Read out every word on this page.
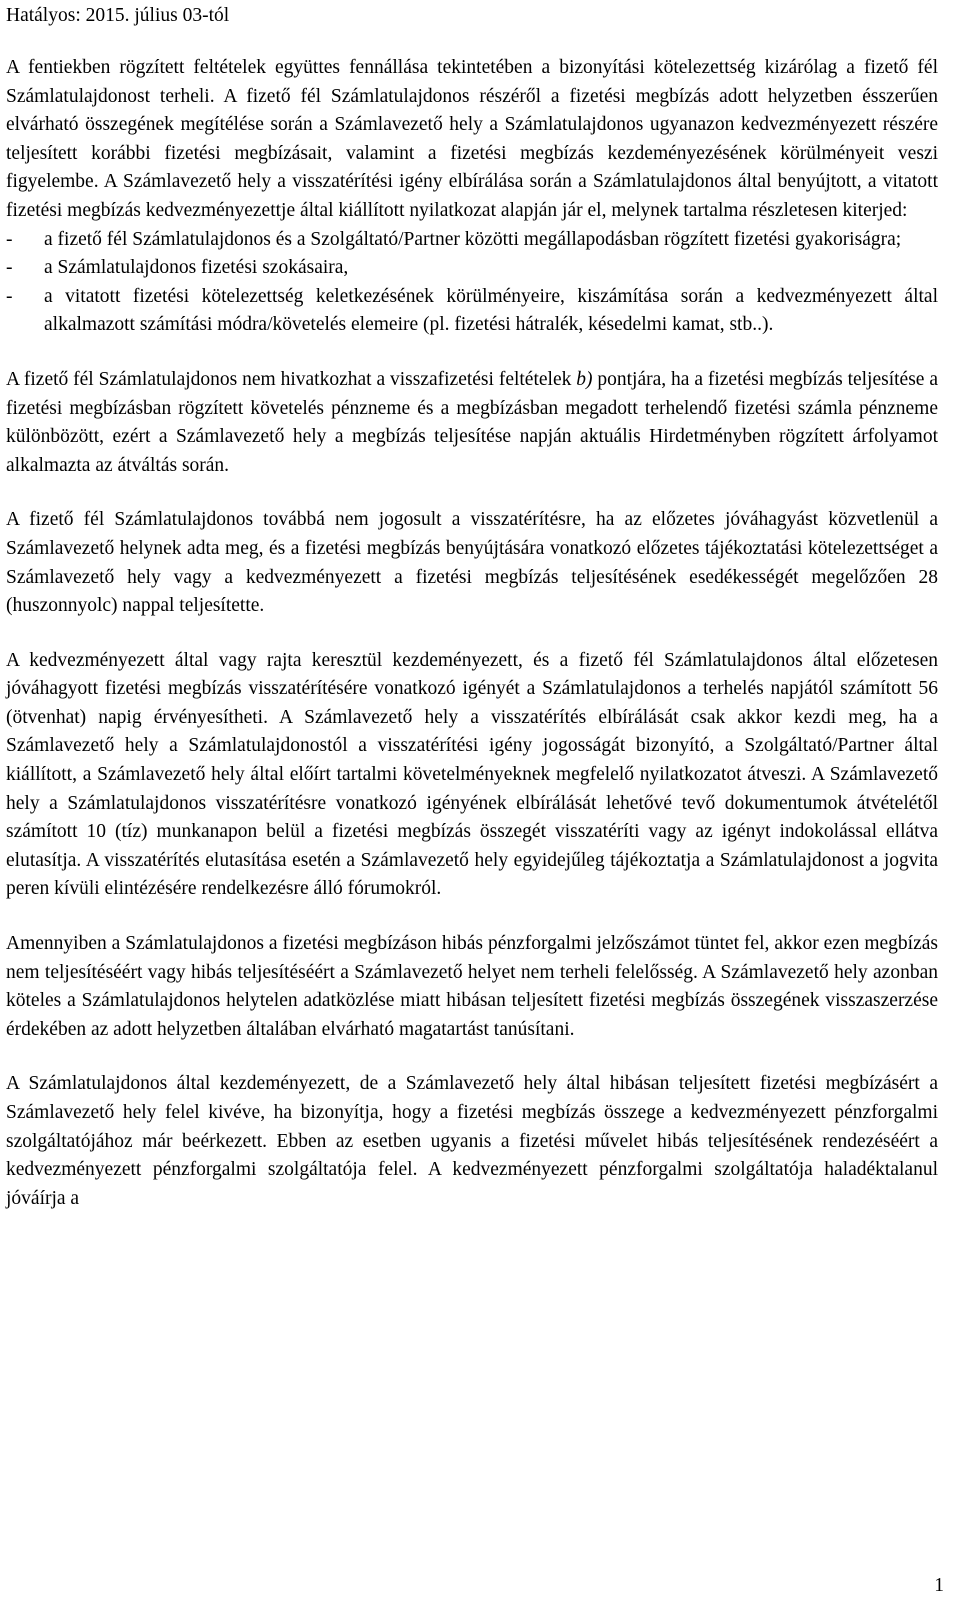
Hatályos: 2015. július 03-tól

A fentiekben rögzített feltételek együttes fennállása tekintetében a bizonyítási kötelezettség kizárólag a fizető fél Számlatulajdonost terheli. A fizető fél Számlatulajdonos részéről a fizetési megbízás adott helyzetben ésszerűen elvárható összegének megítélése során a Számlavezető hely a Számlatulajdonos ugyanazon kedvezményezett részére teljesített korábbi fizetési megbízásait, valamint a fizetési megbízás kezdeményezésének körülményeit veszi figyelembe. A Számlavezető hely a visszatérítési igény elbírálása során a Számlatulajdonos által benyújtott, a vitatott fizetési megbízás kedvezményezettje által kiállított nyilatkozat alapján jár el, melynek tartalma részletesen kiterjed:

- a fizető fél Számlatulajdonos és a Szolgáltató/Partner közötti megállapodásban rögzített fizetési gyakoriságra;
- a Számlatulajdonos fizetési szokásaira,
- a vitatott fizetési kötelezettség keletkezésének körülményeire, kiszámítása során a kedvezményezett által alkalmazott számítási módra/követelés elemeire (pl. fizetési hátralék, késedelmi kamat, stb..).

A fizető fél Számlatulajdonos nem hivatkozhat a visszafizetési feltételek b) pontjára, ha a fizetési megbízás teljesítése a fizetési megbízásban rögzített követelés pénzneme és a megbízásban megadott terhelendő fizetési számla pénzneme különbözött, ezért a Számlavezető hely a megbízás teljesítése napján aktuális Hirdetményben rögzített árfolyamot alkalmazta az átváltás során.

A fizető fél Számlatulajdonos továbbá nem jogosult a visszatérítésre, ha az előzetes jóváhagyást közvetlenül a Számlavezető helynek adta meg, és a fizetési megbízás benyújtására vonatkozó előzetes tájékoztatási kötelezettséget a Számlavezető hely vagy a kedvezményezett a fizetési megbízás teljesítésének esedékességét megelőzően 28 (huszonnyolc) nappal teljesítette.

A kedvezményezett által vagy rajta keresztül kezdeményezett, és a fizető fél Számlatulajdonos által előzetesen jóváhagyott fizetési megbízás visszatérítésére vonatkozó igényét a Számlatulajdonos a terhelés napjától számított 56 (ötvenhat) napig érvényesítheti. A Számlavezető hely a visszatérítés elbírálását csak akkor kezdi meg, ha a Számlavezető hely a Számlatulajdonostól a visszatérítési igény jogosságát bizonyító, a Szolgáltató/Partner által kiállított, a Számlavezető hely által előírt tartalmi követelményeknek megfelelő nyilatkozatot átveszi. A Számlavezető hely a Számlatulajdonos visszatérítésre vonatkozó igényének elbírálását lehetővé tevő dokumentumok átvételétől számított 10 (tíz) munkanapon belül a fizetési megbízás összegét visszatéríti vagy az igényt indokolással ellátva elutasítja. A visszatérítés elutasítása esetén a Számlavezető hely egyidejűleg tájékoztatja a Számlatulajdonost a jogvita peren kívüli elintézésére rendelkezésre álló fórumokról.

Amennyiben a Számlatulajdonos a fizetési megbízáson hibás pénzforgalmi jelzőszámot tüntet fel, akkor ezen megbízás nem teljesítéséért vagy hibás teljesítéséért a Számlavezető helyet nem terheli felelősség. A Számlavezető hely azonban köteles a Számlatulajdonos helytelen adatközlése miatt hibásan teljesített fizetési megbízás összegének visszaszerzése érdekében az adott helyzetben általában elvárható magatartást tanúsítani.

A Számlatulajdonos által kezdeményezett, de a Számlavezető hely által hibásan teljesített fizetési megbízásért a Számlavezető hely felel kivéve, ha bizonyítja, hogy a fizetési megbízás összege a kedvezményezett pénzforgalmi szolgáltatójához már beérkezett. Ebben az esetben ugyanis a fizetési művelet hibás teljesítésének rendezéséért a kedvezményezett pénzforgalmi szolgáltatója felel. A kedvezményezett pénzforgalmi szolgáltatója haladéktalanul jóváírja a

1
